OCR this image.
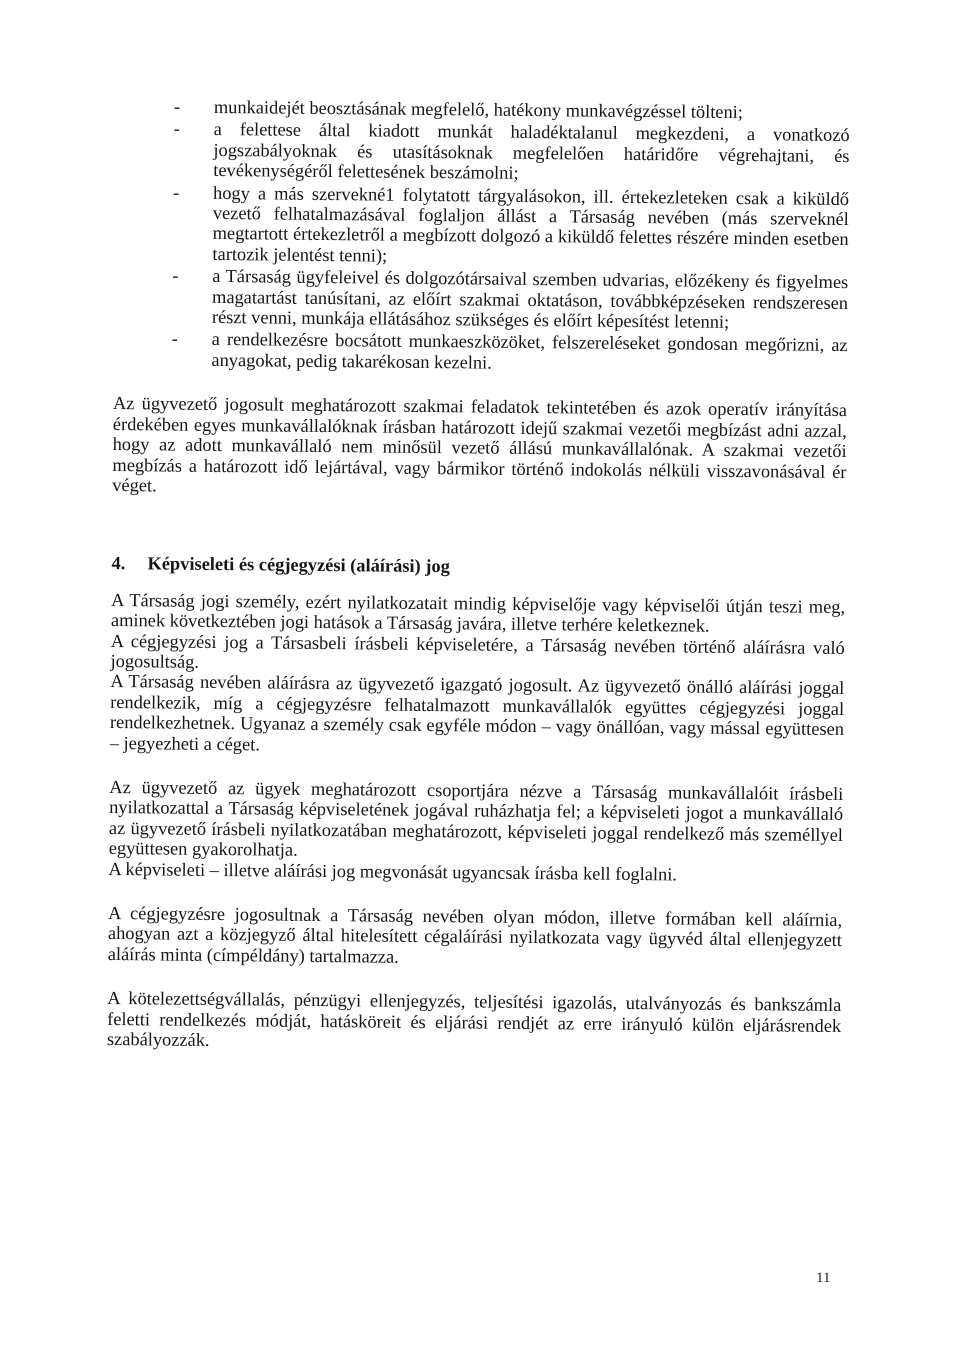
- munkaidejét beosztásának megfelelő, hatékony munkavégzéssel tölteni;
- a felettese által kiadott munkát haladéktalanul megkezdeni, a vonatkozó jogszabályoknak és utasításoknak megfelelően határidőre végrehajtani, és tevékenységéről felettesének beszámolni;
- hogy a más szervekné1 folytatott tárgyalásokon, ill. értekezleteken csak a kiküldő vezető felhatalmazásával foglaljon állást a Társaság nevében (más szerveknél megtartott értekezletről a megbízott dolgozó a kiküldő felettes részére minden esetben tartozik jelentést tenni);
- a Társaság ügyfeleivel és dolgozótársaival szemben udvarias, előzékeny és figyelmes magatartást tanúsítani, az előírt szakmai oktatáson, továbbképzéseken rendszeresen részt venni, munkája ellátásához szükséges és előírt képesítést letenni;
- a rendelkezésre bocsátott munkaeszközöket, felszereléseket gondosan megőrizni, az anyagokat, pedig takarékosan kezelni.

Az ügyvezető jogosult meghatározott szakmai feladatok tekintetében és azok operatív irányítása érdekében egyes munkavállalóknak írásban határozott idejű szakmai vezetői megbízást adni azzal, hogy az adott munkavállaló nem minősül vezető állású munkavállalónak. A szakmai vezetői megbízás a határozott idő lejártával, vagy bármikor történő indokolás nélküli visszavonásával ér véget.

4. Képviseleti és cégjegyzési (aláírási) jog

A Társaság jogi személy, ezért nyilatkozatait mindig képviselője vagy képviselői útján teszi meg, aminek következtében jogi hatások a Társaság javára, illetve terhére keletkeznek.

A cégjegyzési jog a Társasbeli írásbeli képviseletére, a Társaság nevében történő aláírásra való jogosultság.

A Társaság nevében aláírásra az ügyvezető igazgató jogosult. Az ügyvezető önálló aláírási joggal rendelkezik, míg a cégjegyzésre felhatalmazott munkavállalók együttes cégjegyzési joggal rendelkezhetnek. Ugyanaz a személy csak egyféle módon – vagy önállóan, vagy mással együttesen – jegyezheti a céget.

Az ügyvezető az ügyek meghatározott csoportjára nézve a Társaság munkavállalóit írásbeli nyilatkozattal a Társaság képviseletének jogával ruházhatja fel; a képviseleti jogot a munkavállaló az ügyvezető írásbeli nyilatkozatában meghatározott, képviseleti joggal rendelkező más személlyel együttesen gyakorolhatja.

A képviseleti – illetve aláírási jog megvonását ugyancsak írásba kell foglalni.

A cégjegyzésre jogosultnak a Társaság nevében olyan módon, illetve formában kell aláírnia, ahogyan azt a közjegyző által hitelesített cégaláírási nyilatkozata vagy ügyvéd által ellenjegyzett aláírás minta (címpéldány) tartalmazza.

A kötelezettségvállalás, pénzügyi ellenjegyzés, teljesítési igazolás, utalványozás és bankszámla feletti rendelkezés módját, hatásköreit és eljárási rendjét az erre irányuló külön eljárásrendek szabályozzák.

11
